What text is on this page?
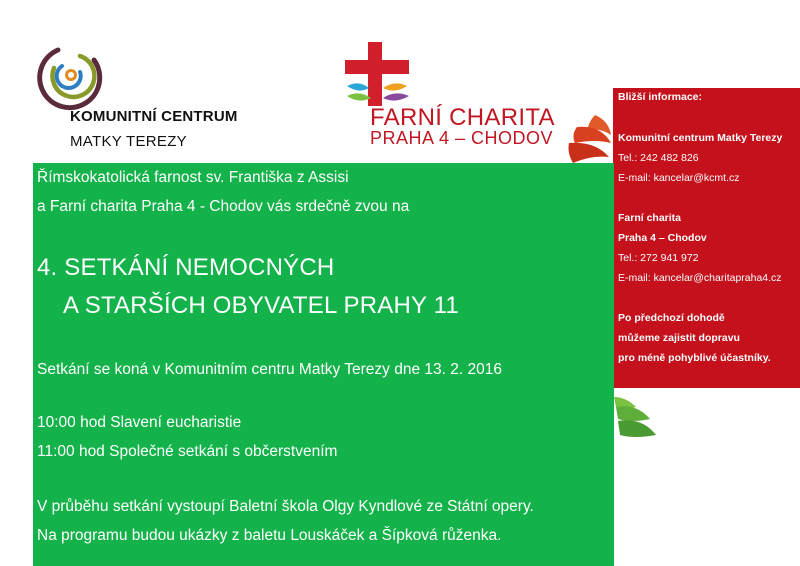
KOMUNITNÍ CENTRUM
MATKY TEREZY
FARNÍ CHARITA
PRAHA 4 – CHODOV
Bližší informace:
Komunitní centrum Matky Terezy
Tel.: 242 482 826
E-mail: kancelar@kcmt.cz
Farní charita
Praha 4 – Chodov
Tel.: 272 941 972
E-mail: kancelar@charitapraha4.cz
Po předchozí dohodě
můžeme zajistit dopravu
pro méně pohyblivé účastníky.
Římskokatolická farnost sv. Františka z Assisi
a Farní charita Praha 4 - Chodov vás srdečně zvou na
4. SETKÁNÍ NEMOCNÝCH
A STARŠÍCH OBYVATEL PRAHY 11
Setkání se koná v Komunitním centru Matky Terezy dne 13. 2. 2016
10:00 hod Slavení eucharistie
11:00 hod Společné setkání s občerstvením
V průběhu setkání vystoupí Baletní škola Olgy Kyndlové ze Státní opery.
Na programu budou ukázky z baletu Louskáček a Šípková růženka.
